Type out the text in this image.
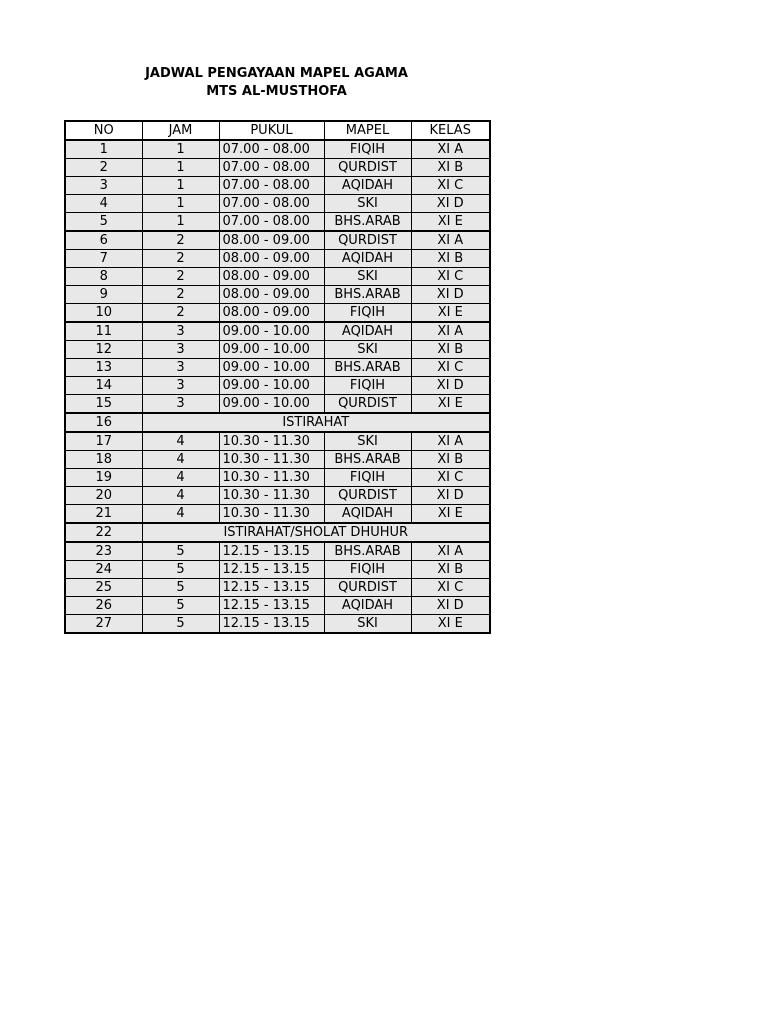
JADWAL PENGAYAAN MAPEL AGAMA
MTS AL-MUSTHOFA
NO	JAM	PUKUL	MAPEL	KELAS
1	1	07.00 - 08.00	FIQIH	XI A
2	1	07.00 - 08.00	QURDIST	XI B
3	1	07.00 - 08.00	AQIDAH	XI C
4	1	07.00 - 08.00	SKI	XI D
5	1	07.00 - 08.00	BHS.ARAB	XI E
6	2	08.00 - 09.00	QURDIST	XI A
7	2	08.00 - 09.00	AQIDAH	XI B
8	2	08.00 - 09.00	SKI	XI C
9	2	08.00 - 09.00	BHS.ARAB	XI D
10	2	08.00 - 09.00	FIQIH	XI E
11	3	09.00 - 10.00	AQIDAH	XI A
12	3	09.00 - 10.00	SKI	XI B
13	3	09.00 - 10.00	BHS.ARAB	XI C
14	3	09.00 - 10.00	FIQIH	XI D
15	3	09.00 - 10.00	QURDIST	XI E
16	ISTIRAHAT			
17	4	10.30 - 11.30	SKI	XI A
18	4	10.30 - 11.30	BHS.ARAB	XI B
19	4	10.30 - 11.30	FIQIH	XI C
20	4	10.30 - 11.30	QURDIST	XI D
21	4	10.30 - 11.30	AQIDAH	XI E
22	ISTIRAHAT/SHOLAT DHUHUR			
23	5	12.15 - 13.15	BHS.ARAB	XI A
24	5	12.15 - 13.15	FIQIH	XI B
25	5	12.15 - 13.15	QURDIST	XI C
26	5	12.15 - 13.15	AQIDAH	XI D
27	5	12.15 - 13.15	SKI	XI E
